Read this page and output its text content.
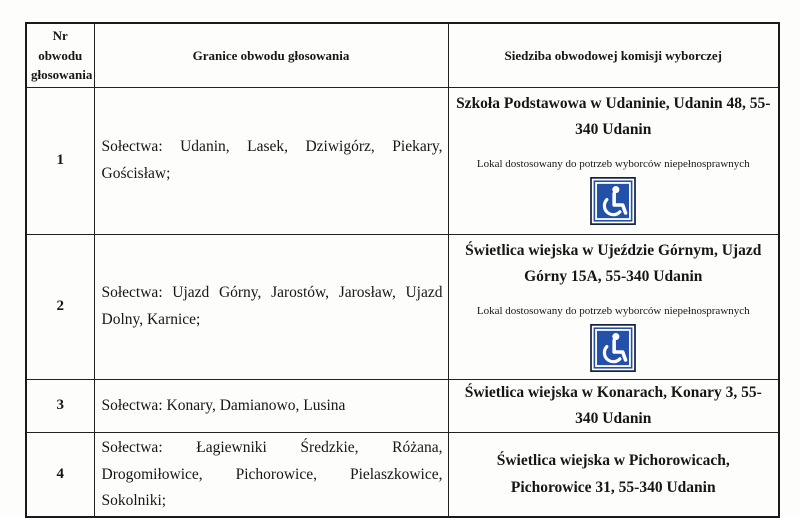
Nr obwodu głosowania	Granice obwodu głosowania	Siedziba obwodowej komisji wyborczej
1	Sołectwa: Udanin, Lasek, Dziwigórz, Piekary, Gościsław;	Szkoła Podstawowa w Udaninie, Udanin 48, 55-340 Udanin
Lokal dostosowany do potrzeb wyborców niepełnosprawnych

2	Sołectwa: Ujazd Górny, Jarostów, Jarosław, Ujazd Dolny, Karnice;	Świetlica wiejska w Ujeździe Górnym, Ujazd Górny 15A, 55-340 Udanin
Lokal dostosowany do potrzeb wyborców niepełnosprawnych

3	Sołectwa: Konary, Damianowo, Lusina	Świetlica wiejska w Konarach, Konary 3, 55-340 Udanin

4	Sołectwa: Łagiewniki Średzkie, Różana, Drogomiłowice, Pichorowice, Pielaszkowice, Sokolniki;	Świetlica wiejska w Pichorowicach, Pichorowice 31, 55-340 Udanin
